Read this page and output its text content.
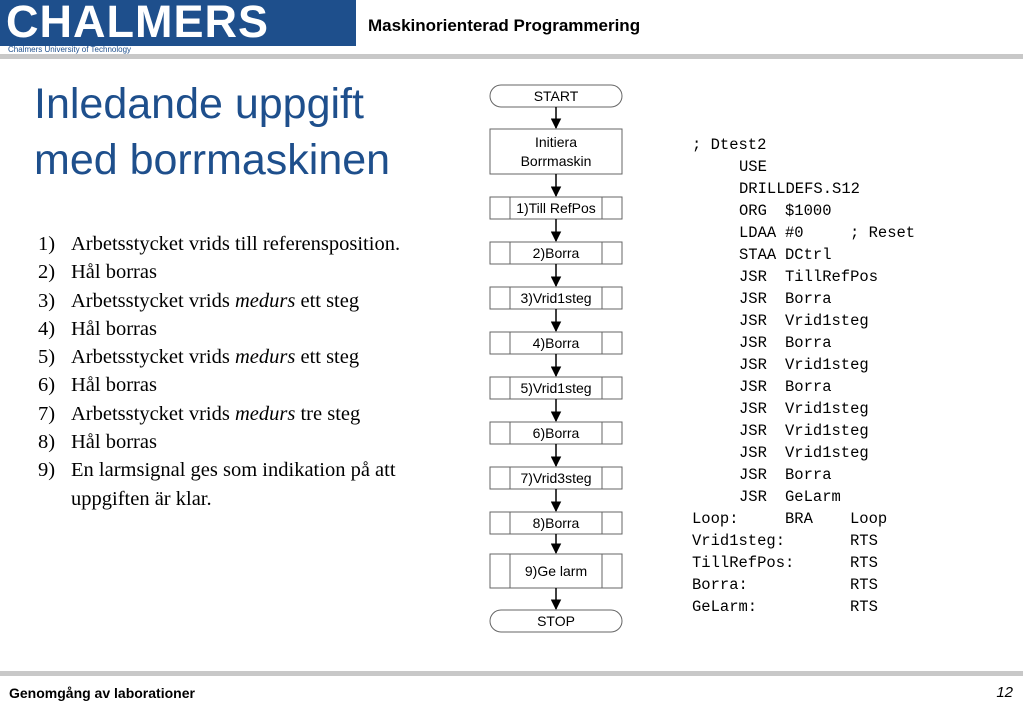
CHALMERS
Chalmers University of Technology
Maskinorienterad Programmering
Inledande uppgift
med borrmaskinen
1) Arbetsstycket vrids till referensposition.
2) Hål borras
3) Arbetsstycket vrids medurs ett steg
4) Hål borras
5) Arbetsstycket vrids medurs ett steg
6) Hål borras
7) Arbetsstycket vrids medurs tre steg
8) Hål borras
9) En larmsignal ges som indikation på att
uppgiften är klar.
START
Initiera
Borrmaskin
1)Till RefPos
2)Borra
3)Vrid1steg
4)Borra
5)Vrid1steg
6)Borra
7)Vrid3steg
8)Borra
9)Ge larm
STOP
; Dtest2
USE
DRILLDEFS.S12
ORG $1000
LDAA #0	; Reset
STAA DCtrl
JSR TillRefPos
JSR Borra
JSR Vrid1steg
JSR Borra
JSR Vrid1steg
JSR Borra
JSR Vrid1steg
JSR Vrid1steg
JSR Vrid1steg
JSR Borra
JSR GeLarm
Loop:	BRA Loop
Vrid1steg:	RTS
TillRefPos:	RTS
Borra:	RTS
GeLarm:	RTS
Genomgång av laborationer	12
